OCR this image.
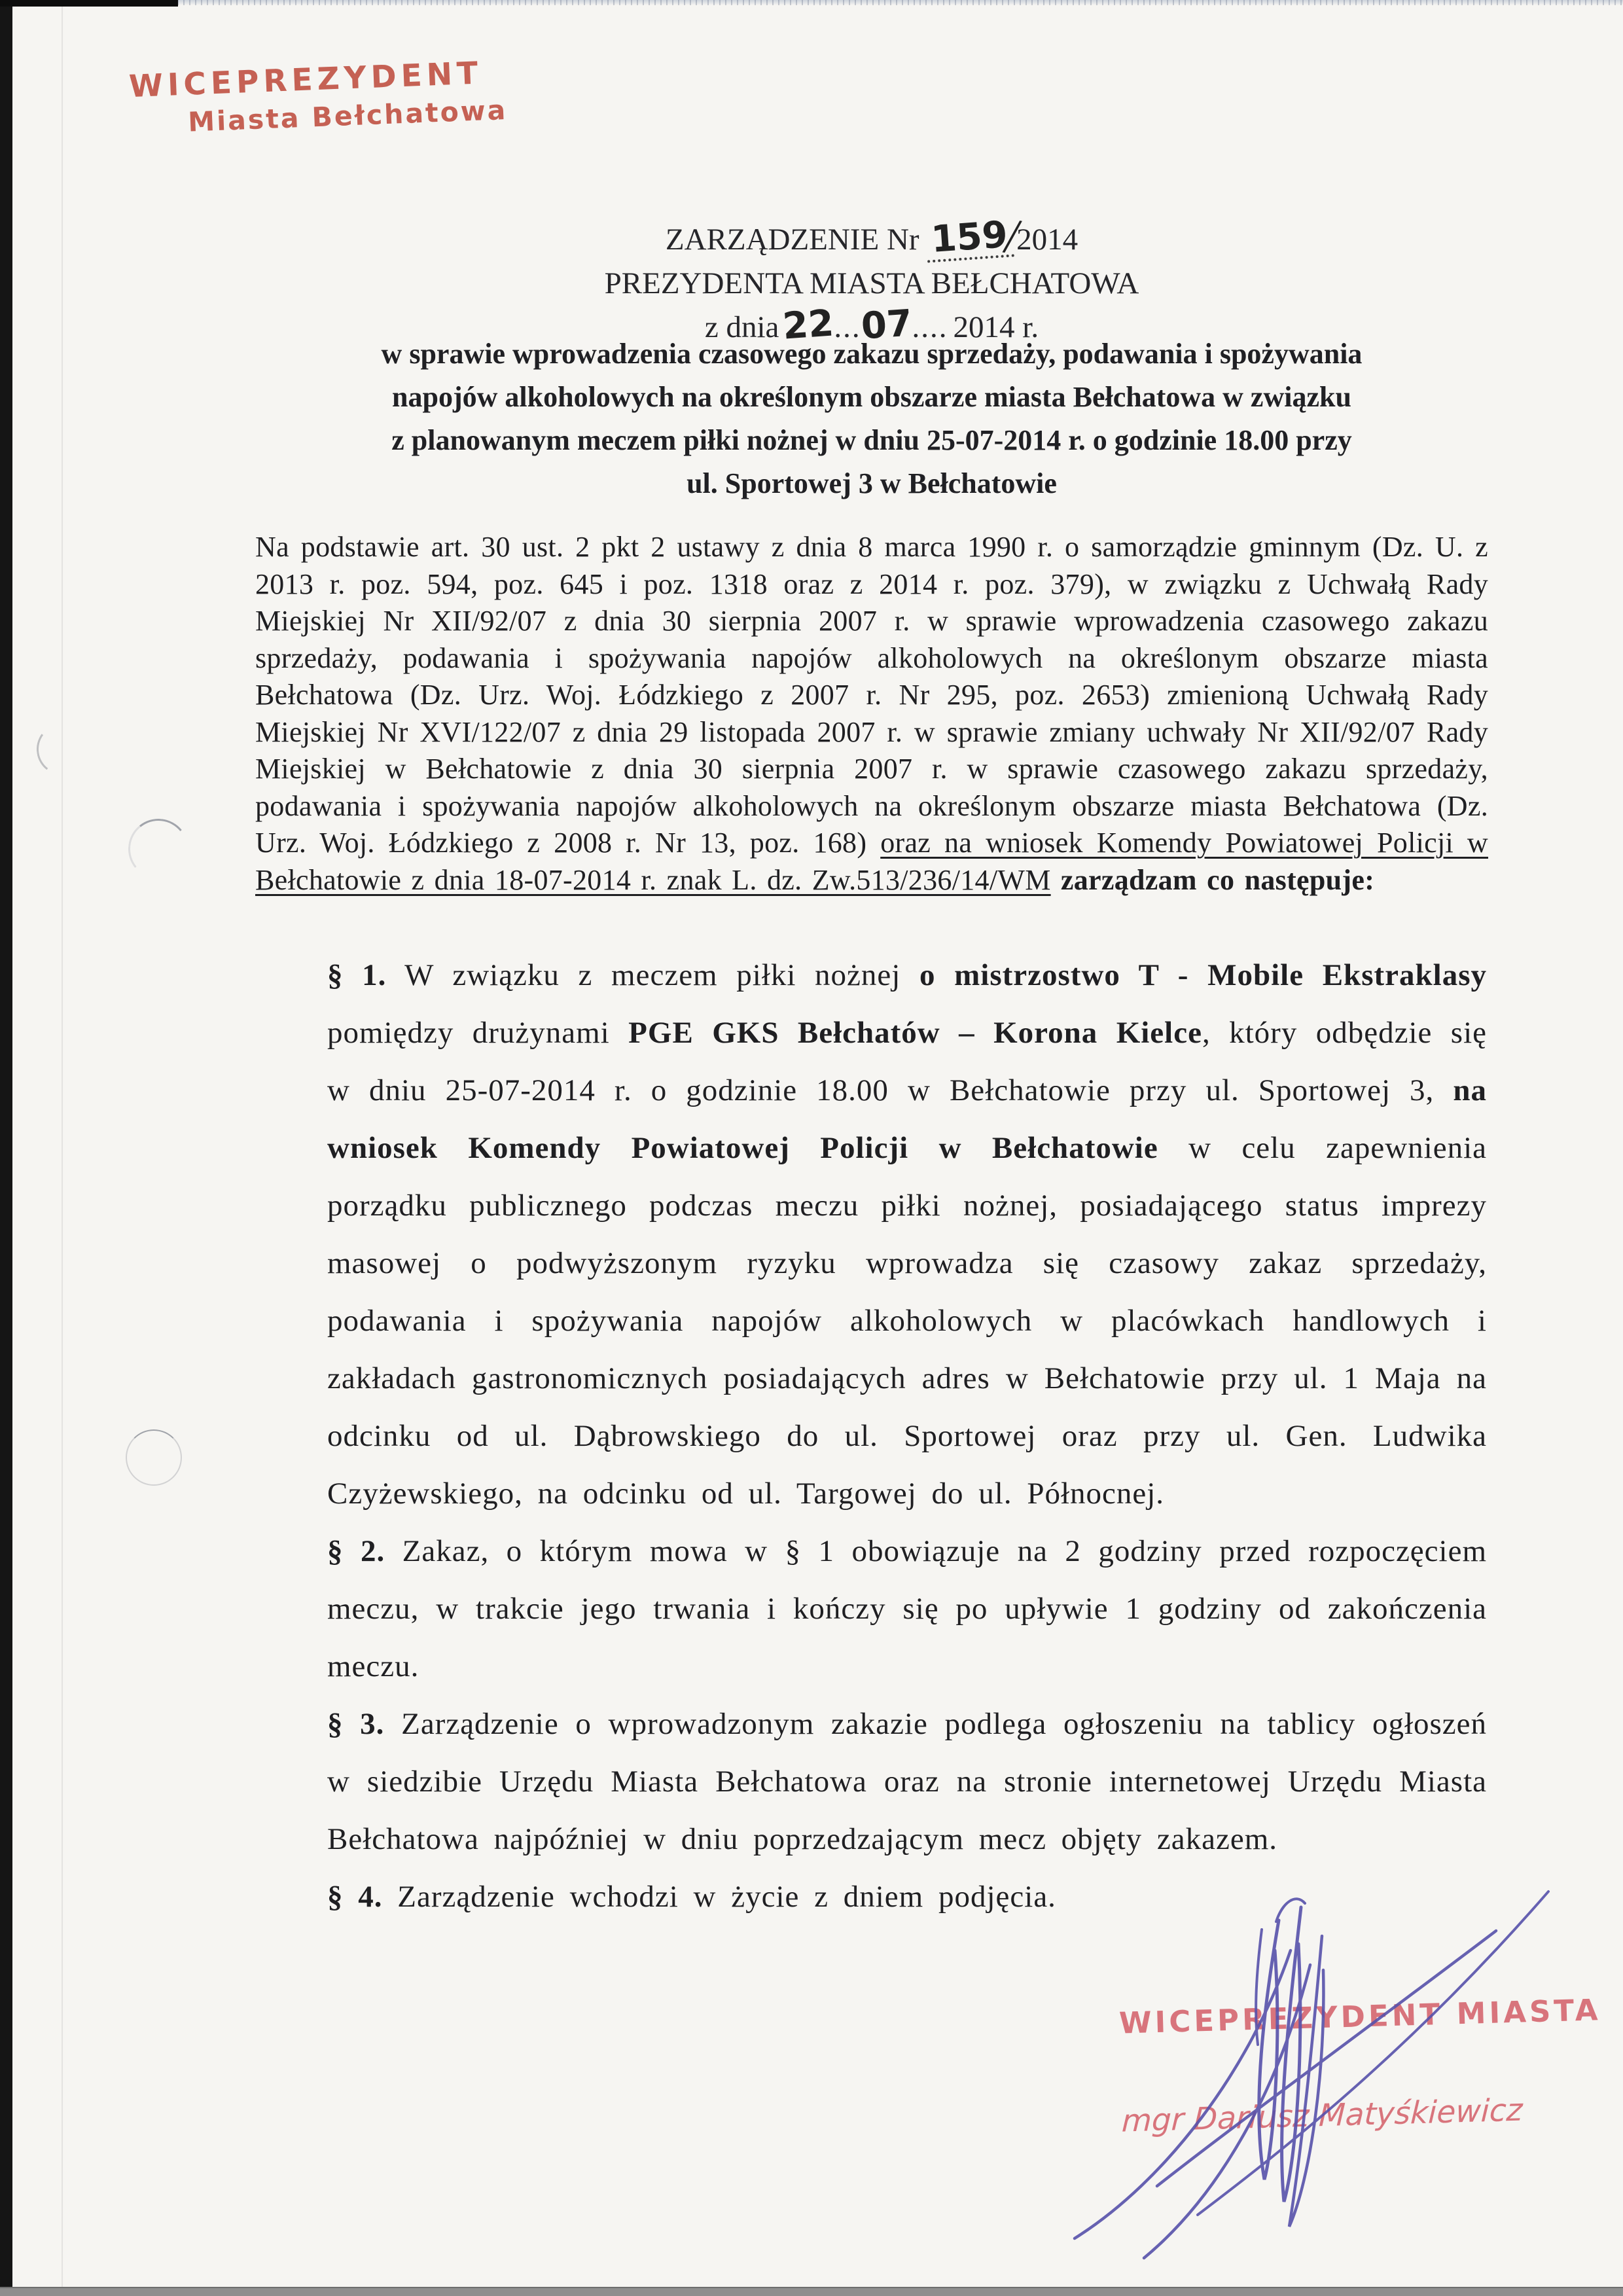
WICEPREZYDENT
Miasta Bełchatowa
ZARZĄDZENIE Nr 159/2014
PREZYDENTA MIASTA BEŁCHATOWA
z dnia22...07.... 2014 r.
w sprawie wprowadzenia czasowego zakazu sprzedaży, podawania i spożywania
napojów alkoholowych na określonym obszarze miasta Bełchatowa w związku
z planowanym meczem piłki nożnej w dniu 25-07-2014 r. o godzinie 18.00 przy
ul. Sportowej 3 w Bełchatowie

Na podstawie art. 30 ust. 2 pkt 2 ustawy z dnia 8 marca 1990 r. o samorządzie gminnym (Dz. U. z 2013 r. poz. 594, poz. 645 i poz. 1318 oraz z 2014 r. poz. 379), w związku z Uchwałą Rady Miejskiej Nr XII/92/07 z dnia 30 sierpnia 2007 r. w sprawie wprowadzenia czasowego zakazu sprzedaży, podawania i spożywania napojów alkoholowych na określonym obszarze miasta Bełchatowa (Dz. Urz. Woj. Łódzkiego z 2007 r. Nr 295, poz. 2653) zmienioną Uchwałą Rady Miejskiej Nr XVI/122/07 z dnia 29 listopada 2007 r. w sprawie zmiany uchwały Nr XII/92/07 Rady Miejskiej w Bełchatowie z dnia 30 sierpnia 2007 r. w sprawie czasowego zakazu sprzedaży, podawania i spożywania napojów alkoholowych na określonym obszarze miasta Bełchatowa (Dz. Urz. Woj. Łódzkiego z 2008 r. Nr 13, poz. 168) oraz na wniosek Komendy Powiatowej Policji w Bełchatowie z dnia 18-07-2014 r. znak L. dz. Zw.513/236/14/WM zarządzam co następuje:

§ 1. W związku z meczem piłki nożnej o mistrzostwo T - Mobile Ekstraklasy pomiędzy drużynami PGE GKS Bełchatów – Korona Kielce, który odbędzie się w dniu 25-07-2014 r. o godzinie 18.00 w Bełchatowie przy ul. Sportowej 3, na wniosek Komendy Powiatowej Policji w Bełchatowie w celu zapewnienia porządku publicznego podczas meczu piłki nożnej, posiadającego status imprezy masowej o podwyższonym ryzyku wprowadza się czasowy zakaz sprzedaży, podawania i spożywania napojów alkoholowych w placówkach handlowych i zakładach gastronomicznych posiadających adres w Bełchatowie przy ul. 1 Maja na odcinku od ul. Dąbrowskiego do ul. Sportowej oraz przy ul. Gen. Ludwika Czyżewskiego, na odcinku od ul. Targowej do ul. Północnej.

§ 2. Zakaz, o którym mowa w § 1 obowiązuje na 2 godziny przed rozpoczęciem meczu, w trakcie jego trwania i kończy się po upływie 1 godziny od zakończenia meczu.

§ 3. Zarządzenie o wprowadzonym zakazie podlega ogłoszeniu na tablicy ogłoszeń w siedzibie Urzędu Miasta Bełchatowa oraz na stronie internetowej Urzędu Miasta Bełchatowa najpóźniej w dniu poprzedzającym mecz objęty zakazem.

§ 4. Zarządzenie wchodzi w życie z dniem podjęcia.

WICEPREZYDENT MIASTA
mgr Dariusz Matyśkiewicz
